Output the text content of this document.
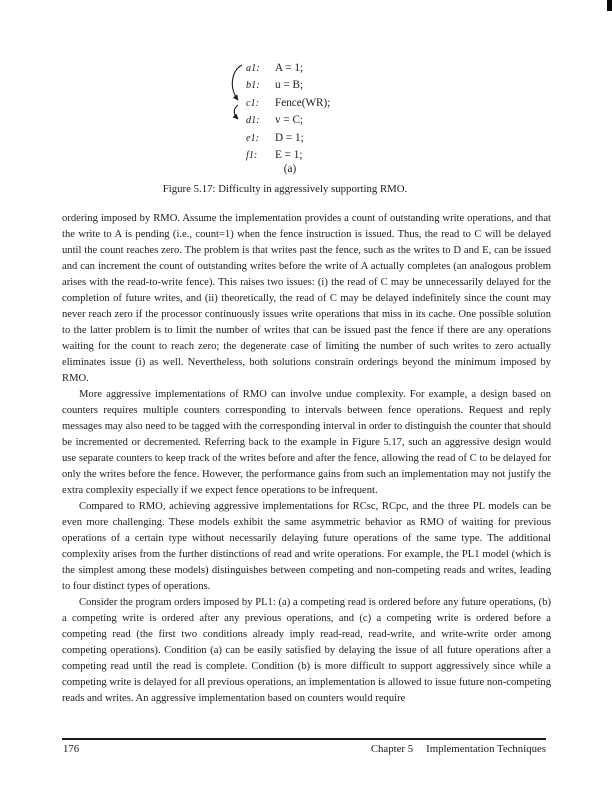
a1:	A = 1;
b1:	u = B;
c1:	Fence(WR);
d1:	v = C;
e1:	D = 1;
f1:	E = 1;
(a)
Figure 5.17: Difficulty in aggressively supporting RMO.

ordering imposed by RMO. Assume the implementation provides a count of outstanding write operations, and that the write to A is pending (i.e., count=1) when the fence instruction is issued. Thus, the read to C will be delayed until the count reaches zero. The problem is that writes past the fence, such as the writes to D and E, can be issued and can increment the count of outstanding writes before the write of A actually completes (an analogous problem arises with the read-to-write fence). This raises two issues: (i) the read of C may be unnecessarily delayed for the completion of future writes, and (ii) theoretically, the read of C may be delayed indefinitely since the count may never reach zero if the processor continuously issues write operations that miss in its cache. One possible solution to the latter problem is to limit the number of writes that can be issued past the fence if there are any operations waiting for the count to reach zero; the degenerate case of limiting the number of such writes to zero actually eliminates issue (i) as well. Nevertheless, both solutions constrain orderings beyond the minimum imposed by RMO.

More aggressive implementations of RMO can involve undue complexity. For example, a design based on counters requires multiple counters corresponding to intervals between fence operations. Request and reply messages may also need to be tagged with the corresponding interval in order to distinguish the counter that should be incremented or decremented. Referring back to the example in Figure 5.17, such an aggressive design would use separate counters to keep track of the writes before and after the fence, allowing the read of C to be delayed for only the writes before the fence. However, the performance gains from such an implementation may not justify the extra complexity especially if we expect fence operations to be infrequent.

Compared to RMO, achieving aggressive implementations for RCsc, RCpc, and the three PL models can be even more challenging. These models exhibit the same asymmetric behavior as RMO of waiting for previous operations of a certain type without necessarily delaying future operations of the same type. The additional complexity arises from the further distinctions of read and write operations. For example, the PL1 model (which is the simplest among these models) distinguishes between competing and non-competing reads and writes, leading to four distinct types of operations.

Consider the program orders imposed by PL1: (a) a competing read is ordered before any future operations, (b) a competing write is ordered after any previous operations, and (c) a competing write is ordered before a competing read (the first two conditions already imply read-read, read-write, and write-write order among competing operations). Condition (a) can be easily satisfied by delaying the issue of all future operations after a competing read until the read is complete. Condition (b) is more difficult to support aggressively since while a competing write is delayed for all previous operations, an implementation is allowed to issue future non-competing reads and writes. An aggressive implementation based on counters would require

176	Chapter 5 Implementation Techniques
